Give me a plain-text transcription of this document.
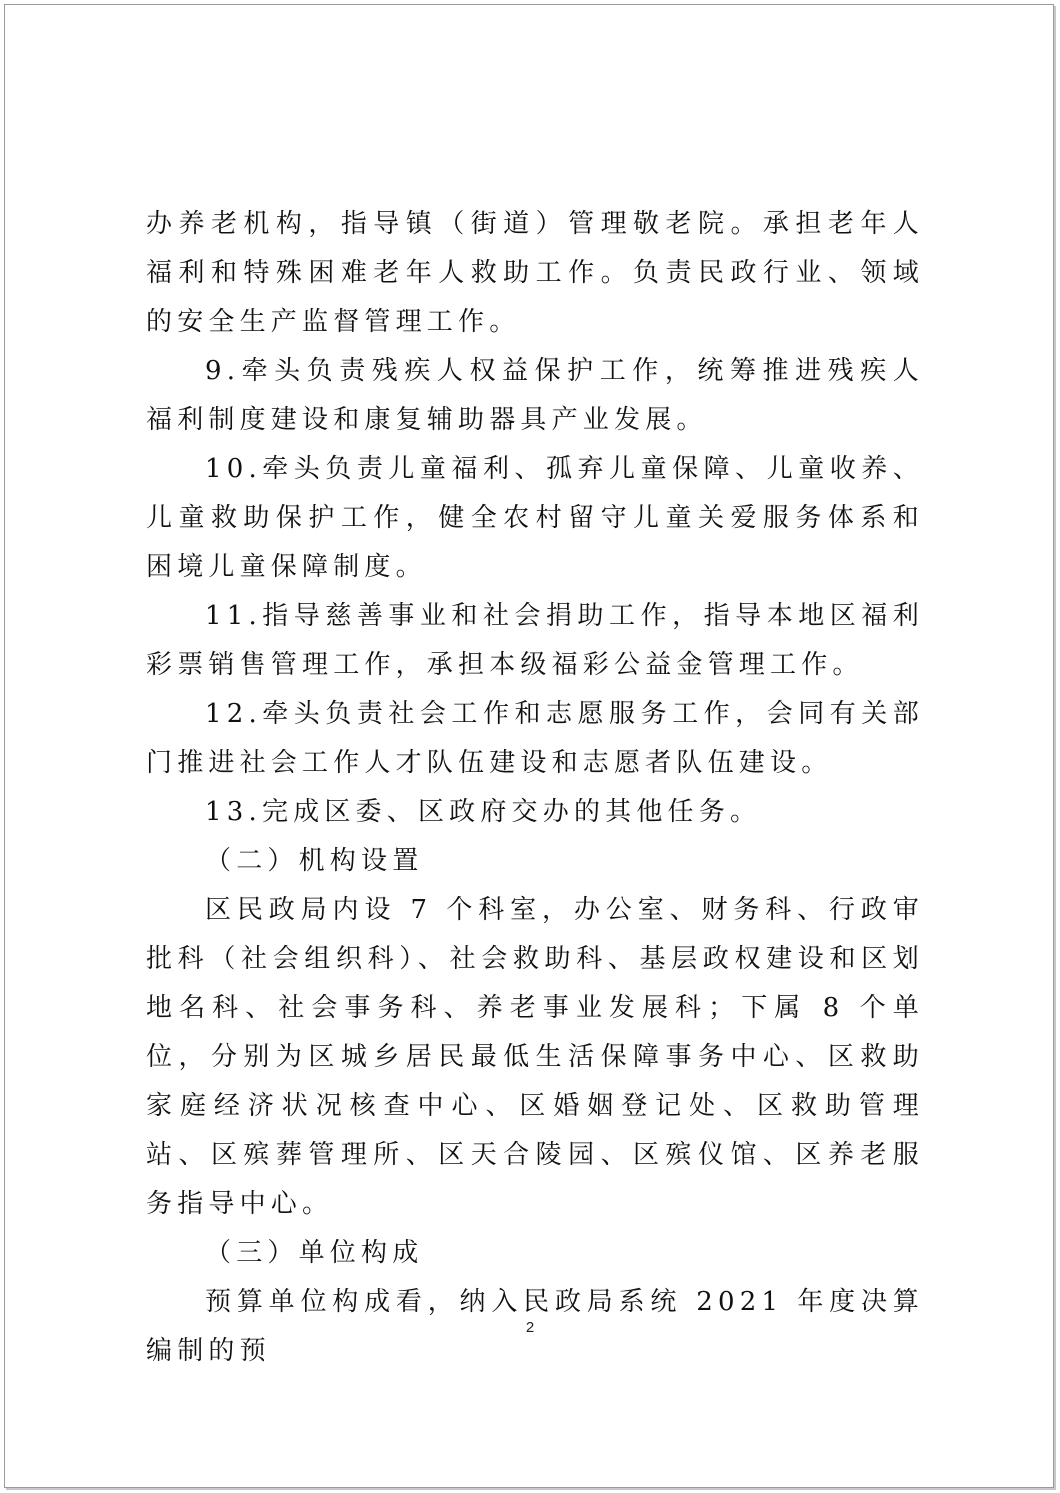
办养老机构，指导镇（街道）管理敬老院。承担老年人福利和特殊困难老年人救助工作。负责民政行业、领域的安全生产监督管理工作。

9.牵头负责残疾人权益保护工作，统筹推进残疾人福利制度建设和康复辅助器具产业发展。

10.牵头负责儿童福利、孤弃儿童保障、儿童收养、儿童救助保护工作，健全农村留守儿童关爱服务体系和困境儿童保障制度。

11.指导慈善事业和社会捐助工作，指导本地区福利彩票销售管理工作，承担本级福彩公益金管理工作。

12.牵头负责社会工作和志愿服务工作，会同有关部门推进社会工作人才队伍建设和志愿者队伍建设。

13.完成区委、区政府交办的其他任务。

（二）机构设置

区民政局内设 7 个科室，办公室、财务科、行政审批科（社会组织科）、社会救助科、基层政权建设和区划地名科、社会事务科、养老事业发展科；下属 8 个单位，分别为区城乡居民最低生活保障事务中心、区救助家庭经济状况核查中心、区婚姻登记处、区救助管理站、区殡葬管理所、区天合陵园、区殡仪馆、区养老服务指导中心。

（三）单位构成

预算单位构成看，纳入民政局系统 2021 年度决算编制的预

2
